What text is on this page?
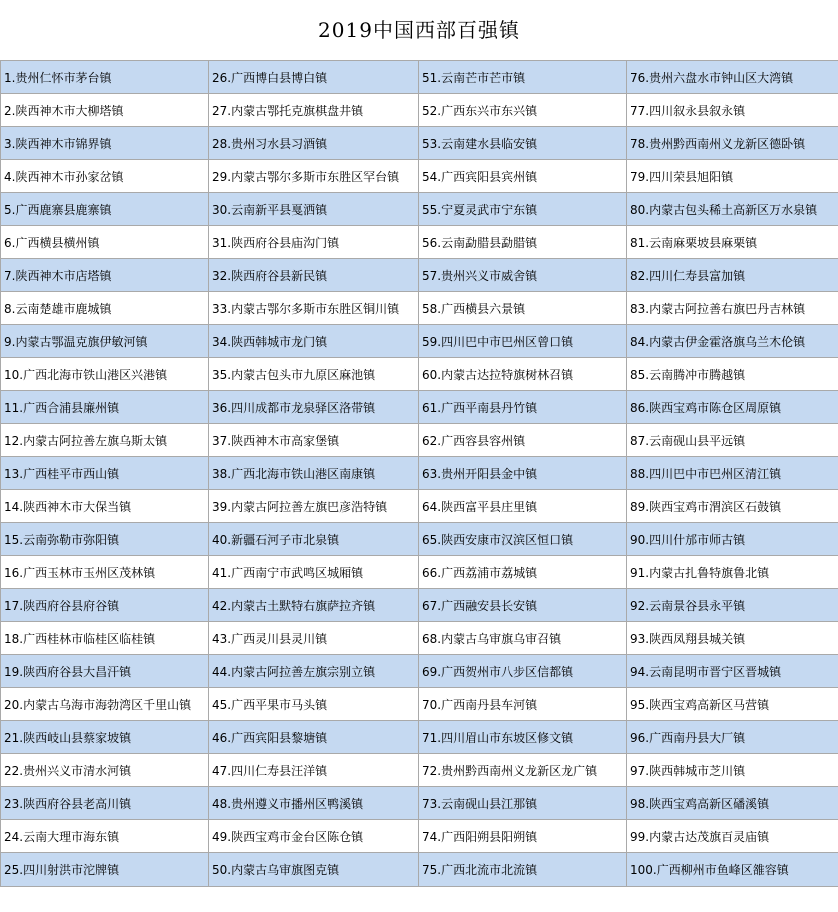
2019中国西部百强镇
1.贵州仁怀市茅台镇	26.广西博白县博白镇	51.云南芒市芒市镇	76.贵州六盘水市钟山区大湾镇
2.陕西神木市大柳塔镇	27.内蒙古鄂托克旗棋盘井镇	52.广西东兴市东兴镇	77.四川叙永县叙永镇
3.陕西神木市锦界镇	28.贵州习水县习酒镇	53.云南建水县临安镇	78.贵州黔西南州义龙新区德卧镇
4.陕西神木市孙家岔镇	29.内蒙古鄂尔多斯市东胜区罕台镇	54.广西宾阳县宾州镇	79.四川荣县旭阳镇
5.广西鹿寨县鹿寨镇	30.云南新平县戛洒镇	55.宁夏灵武市宁东镇	80.内蒙古包头稀土高新区万水泉镇
6.广西横县横州镇	31.陕西府谷县庙沟门镇	56.云南勐腊县勐腊镇	81.云南麻栗坡县麻栗镇
7.陕西神木市店塔镇	32.陕西府谷县新民镇	57.贵州兴义市威舍镇	82.四川仁寿县富加镇
8.云南楚雄市鹿城镇	33.内蒙古鄂尔多斯市东胜区铜川镇	58.广西横县六景镇	83.内蒙古阿拉善右旗巴丹吉林镇
9.内蒙古鄂温克旗伊敏河镇	34.陕西韩城市龙门镇	59.四川巴中市巴州区曾口镇	84.内蒙古伊金霍洛旗乌兰木伦镇
10.广西北海市铁山港区兴港镇	35.内蒙古包头市九原区麻池镇	60.内蒙古达拉特旗树林召镇	85.云南腾冲市腾越镇
11.广西合浦县廉州镇	36.四川成都市龙泉驿区洛带镇	61.广西平南县丹竹镇	86.陕西宝鸡市陈仓区周原镇
12.内蒙古阿拉善左旗乌斯太镇	37.陕西神木市高家堡镇	62.广西容县容州镇	87.云南砚山县平远镇
13.广西桂平市西山镇	38.广西北海市铁山港区南康镇	63.贵州开阳县金中镇	88.四川巴中市巴州区清江镇
14.陕西神木市大保当镇	39.内蒙古阿拉善左旗巴彦浩特镇	64.陕西富平县庄里镇	89.陕西宝鸡市渭滨区石鼓镇
15.云南弥勒市弥阳镇	40.新疆石河子市北泉镇	65.陕西安康市汉滨区恒口镇	90.四川什邡市师古镇
16.广西玉林市玉州区茂林镇	41.广西南宁市武鸣区城厢镇	66.广西荔浦市荔城镇	91.内蒙古扎鲁特旗鲁北镇
17.陕西府谷县府谷镇	42.内蒙古土默特右旗萨拉齐镇	67.广西融安县长安镇	92.云南景谷县永平镇
18.广西桂林市临桂区临桂镇	43.广西灵川县灵川镇	68.内蒙古乌审旗乌审召镇	93.陕西凤翔县城关镇
19.陕西府谷县大昌汗镇	44.内蒙古阿拉善左旗宗别立镇	69.广西贺州市八步区信都镇	94.云南昆明市晋宁区晋城镇
20.内蒙古乌海市海勃湾区千里山镇	45.广西平果市马头镇	70.广西南丹县车河镇	95.陕西宝鸡高新区马营镇
21.陕西岐山县蔡家坡镇	46.广西宾阳县黎塘镇	71.四川眉山市东坡区修文镇	96.广西南丹县大厂镇
22.贵州兴义市清水河镇	47.四川仁寿县汪洋镇	72.贵州黔西南州义龙新区龙广镇	97.陕西韩城市芝川镇
23.陕西府谷县老高川镇	48.贵州遵义市播州区鸭溪镇	73.云南砚山县江那镇	98.陕西宝鸡高新区磻溪镇
24.云南大理市海东镇	49.陕西宝鸡市金台区陈仓镇	74.广西阳朔县阳朔镇	99.内蒙古达茂旗百灵庙镇
25.四川射洪市沱牌镇	50.内蒙古乌审旗图克镇	75.广西北流市北流镇	100.广西柳州市鱼峰区雒容镇
